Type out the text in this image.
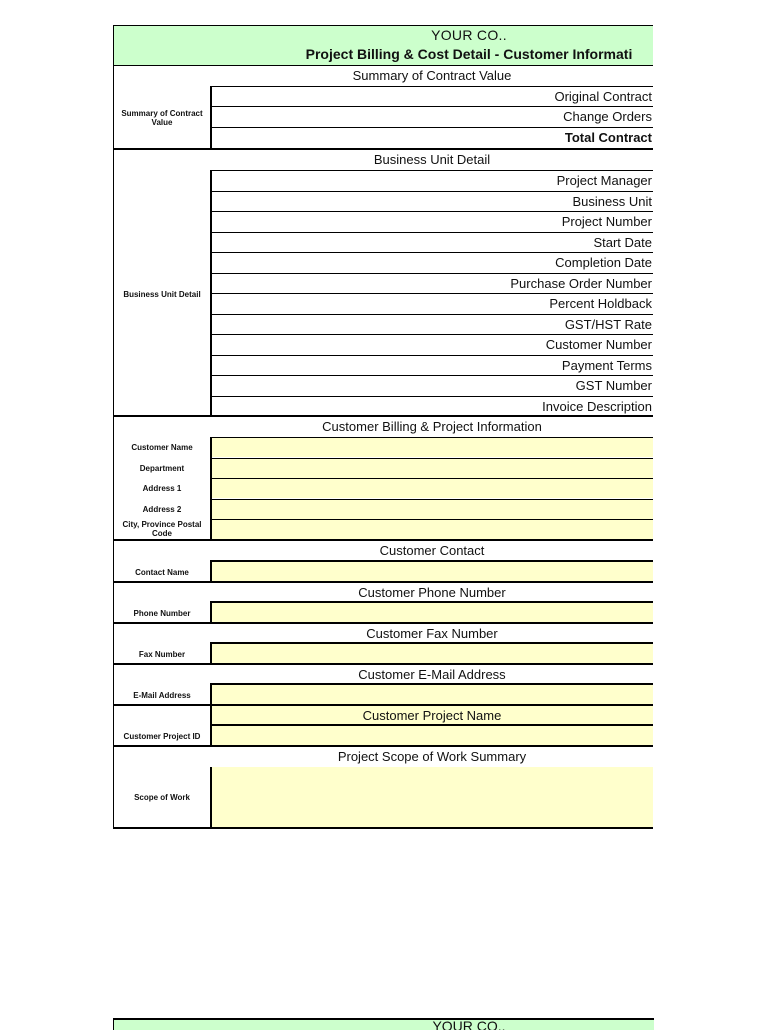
YOUR CO..
Project Billing & Cost Detail - Customer Informati
Summary of Contract Value
Summary of Contract Value
Original Contract
Change Orders
Total Contract
Business Unit Detail
Business Unit Detail
Project Manager
Business Unit
Project Number
Start Date
Completion Date
Purchase Order Number
Percent Holdback
GST/HST Rate
Customer Number
Payment Terms
GST Number
Invoice Description
Customer Billing & Project Information
Customer Name
Department
Address 1
Address 2
City, Province Postal Code
Customer Contact
Contact Name
Customer Phone Number
Phone Number
Customer Fax Number
Fax Number
Customer E-Mail Address
E-Mail Address
Customer Project Name
Customer Project ID
Project Scope of Work Summary
Scope of Work
YOUR CO..
